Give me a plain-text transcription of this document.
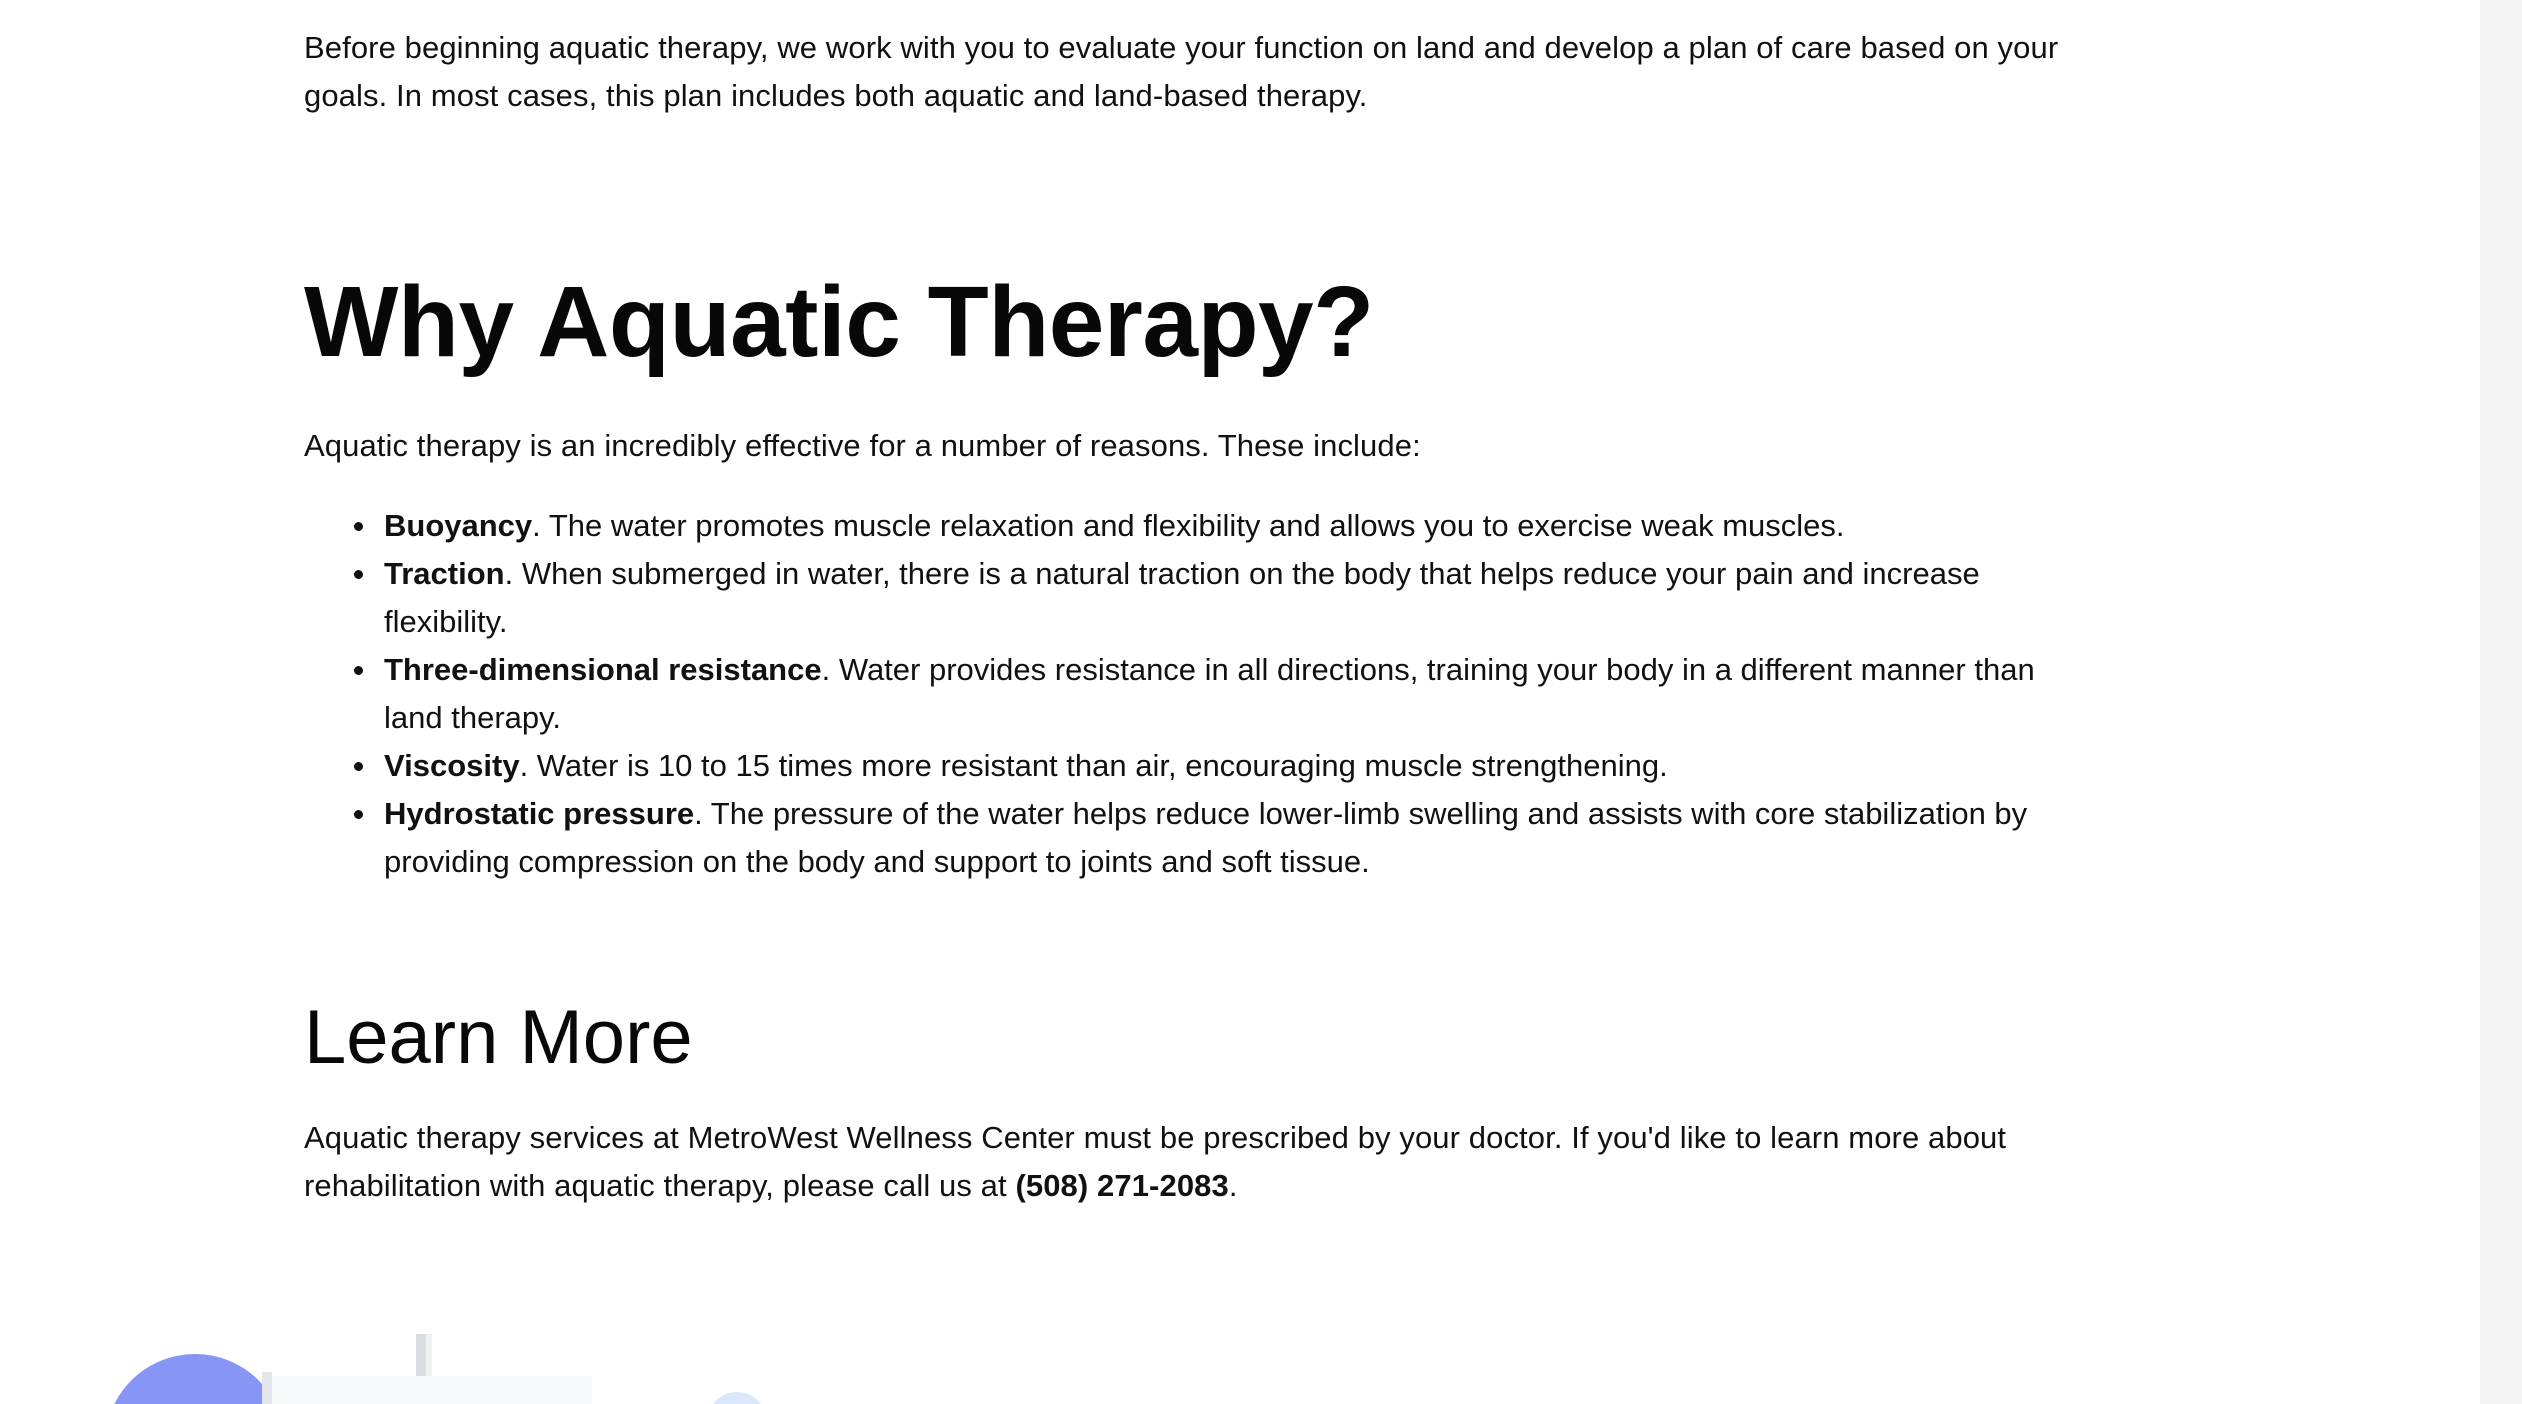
Before beginning aquatic therapy, we work with you to evaluate your function on land and develop a plan of care based on your goals. In most cases, this plan includes both aquatic and land-based therapy.

Why Aquatic Therapy?

Aquatic therapy is an incredibly effective for a number of reasons. These include:

Buoyancy. The water promotes muscle relaxation and flexibility and allows you to exercise weak muscles.
Traction. When submerged in water, there is a natural traction on the body that helps reduce your pain and increase flexibility.
Three-dimensional resistance. Water provides resistance in all directions, training your body in a different manner than land therapy.
Viscosity. Water is 10 to 15 times more resistant than air, encouraging muscle strengthening.
Hydrostatic pressure. The pressure of the water helps reduce lower-limb swelling and assists with core stabilization by providing compression on the body and support to joints and soft tissue.
Learn More

Aquatic therapy services at MetroWest Wellness Center must be prescribed by your doctor. If you'd like to learn more about rehabilitation with aquatic therapy, please call us at (508) 271-2083.
